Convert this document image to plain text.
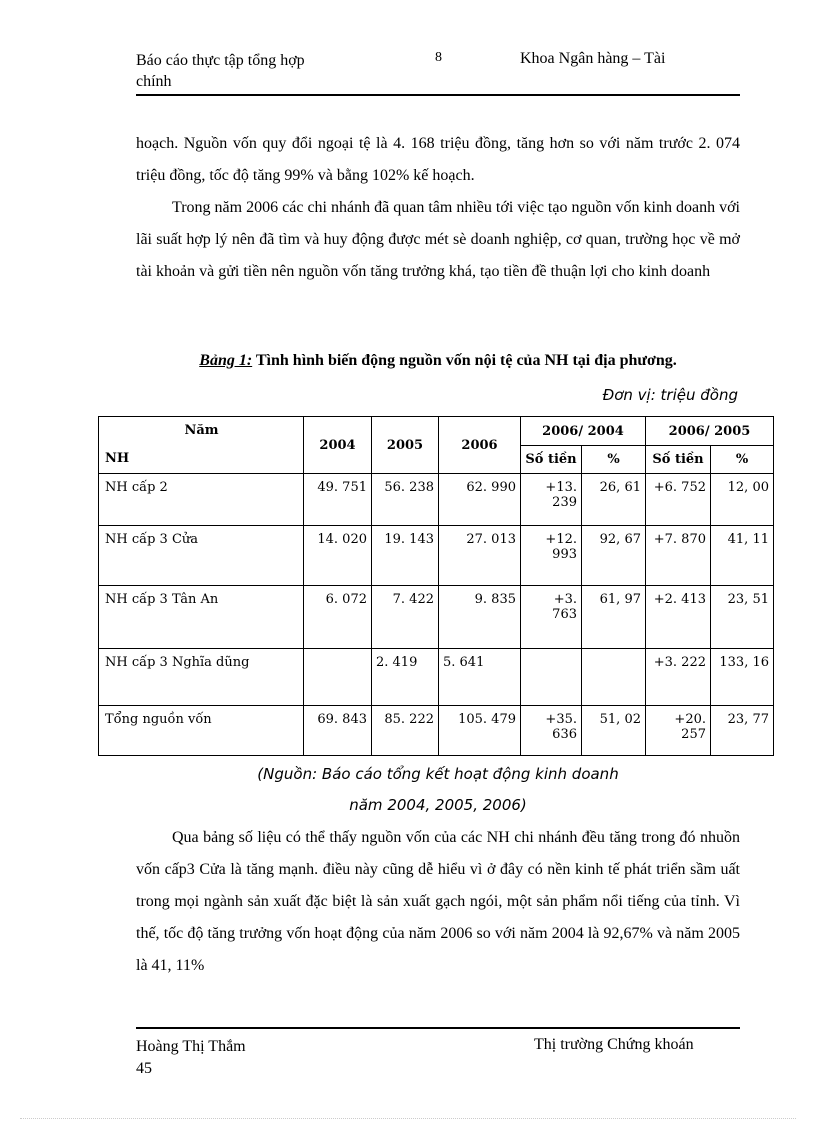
Báo cáo thực tập tổng hợp
chính
8	Khoa Ngân hàng – Tài

hoạch. Nguồn vốn quy đổi ngoại tệ là 4. 168 triệu đồng, tăng hơn so với năm trước 2. 074 triệu đồng, tốc độ tăng 99% và bằng 102% kế hoạch.

Trong năm 2006 các chi nhánh đã quan tâm nhiều tới việc tạo nguồn vốn kinh doanh với lãi suất hợp lý nên đã tìm và huy động được mét sè doanh nghiệp, cơ quan, trường học về mở tài khoản và gửi tiền nên nguồn vốn tăng trưởng khá, tạo tiền đề thuận lợi cho kinh doanh

Bảng 1: Tình hình biến động nguồn vốn nội tệ của NH tại địa phương.
Đơn vị: triệu đồng
Năm
NH	2004	2005	2006	2006/ 2004		2006/ 2005	
				Số tiền	%	Số tiền	%
NH cấp 2	49. 751	56. 238	62. 990	+13. 239	26, 61	+6. 752	12, 00
NH cấp 3 Cửa	14. 020	19. 143	27. 013	+12. 993	92, 67	+7. 870	41, 11
NH cấp 3 Tân An	6. 072	7. 422	9. 835	+3. 763	61, 97	+2. 413	23, 51
NH cấp 3 Nghĩa dũng		2. 419	5. 641			+3. 222	133, 16
Tổng nguồn vốn	69. 843	85. 222	105. 479	+35. 636	51, 02	+20. 257	23, 77
(Nguồn: Báo cáo tổng kết hoạt động kinh doanh
năm 2004, 2005, 2006)

Qua bảng số liệu có thể thấy nguồn vốn của các NH chi nhánh đều tăng trong đó nhuồn vốn cấp3 Cửa là tăng mạnh. điều này cũng dễ hiểu vì ở đây có nền kinh tế phát triển sầm uất trong mọi ngành sản xuất đặc biệt là sản xuất gạch ngói, một sản phẩm nổi tiếng của tỉnh. Vì thế, tốc độ tăng trưởng vốn hoạt động của năm 2006 so với năm 2004 là 92,67% và năm 2005 là 41, 11%

Hoàng Thị Thắm
45
Thị trường Chứng khoán
